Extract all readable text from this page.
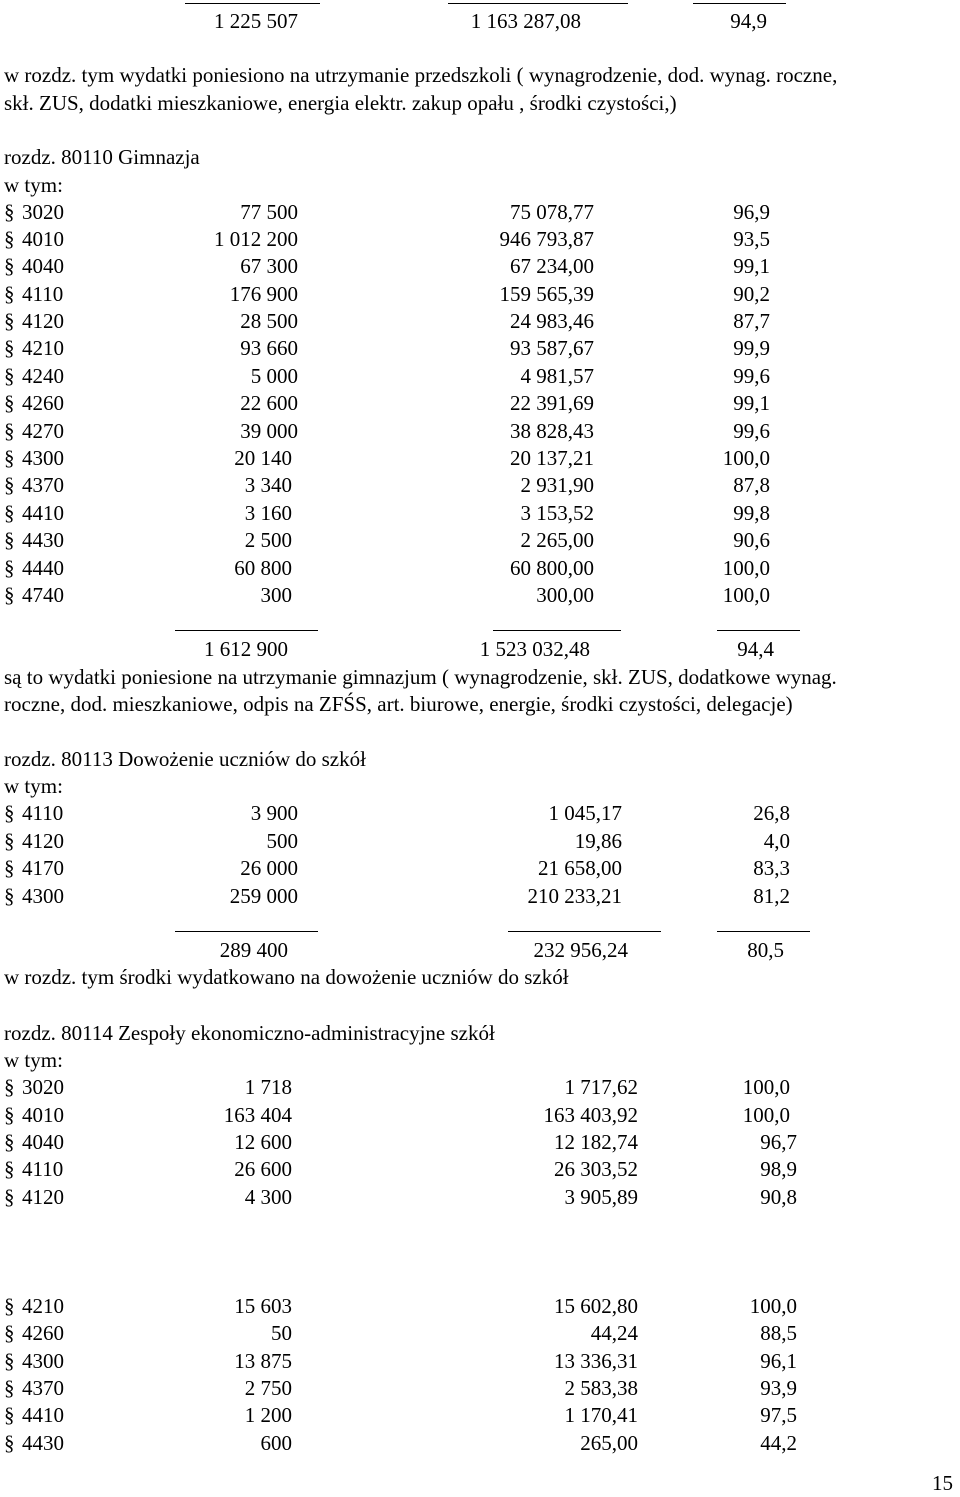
1 225 507	1 163 287,08	94,9
w rozdz. tym wydatki poniesiono na utrzymanie przedszkoli ( wynagrodzenie, dod. wynag. roczne,
skł. ZUS, dodatki mieszkaniowe, energia elektr. zakup opału , środki czystości,)
rozdz. 80110 Gimnazja
w tym:
§ 3020	77 500	75 078,77	96,9
§ 4010	1 012 200	946 793,87	93,5
§ 4040	67 300	67 234,00	99,1
§ 4110	176 900	159 565,39	90,2
§ 4120	28 500	24 983,46	87,7
§ 4210	93 660	93 587,67	99,9
§ 4240	5 000	4 981,57	99,6
§ 4260	22 600	22 391,69	99,1
§ 4270	39 000	38 828,43	99,6
§ 4300	20 140	20 137,21	100,0
§ 4370	3 340	2 931,90	87,8
§ 4410	3 160	3 153,52	99,8
§ 4430	2 500	2 265,00	90,6
§ 4440	60 800	60 800,00	100,0
§ 4740	300	300,00	100,0
1 612 900	1 523 032,48	94,4
są to wydatki poniesione na utrzymanie gimnazjum ( wynagrodzenie, skł. ZUS, dodatkowe wynag.
roczne, dod. mieszkaniowe, odpis na ZFŚS, art. biurowe, energie, środki czystości, delegacje)
rozdz. 80113 Dowożenie uczniów do szkół
w tym:
§ 4110	3 900	1 045,17	26,8
§ 4120	500	19,86	4,0
§ 4170	26 000	21 658,00	83,3
§ 4300	259 000	210 233,21	81,2
289 400	232 956,24	80,5
w rozdz. tym środki wydatkowano na dowożenie uczniów do szkół
rozdz. 80114 Zespoły ekonomiczno-administracyjne szkół
w tym:
§ 3020	1 718	1 717,62	100,0
§ 4010	163 404	163 403,92	100,0
§ 4040	12 600	12 182,74	96,7
§ 4110	26 600	26 303,52	98,9
§ 4120	4 300	3 905,89	90,8
§ 4210	15 603	15 602,80	100,0
§ 4260	50	44,24	88,5
§ 4300	13 875	13 336,31	96,1
§ 4370	2 750	2 583,38	93,9
§ 4410	1 200	1 170,41	97,5
§ 4430	600	265,00	44,2
15
